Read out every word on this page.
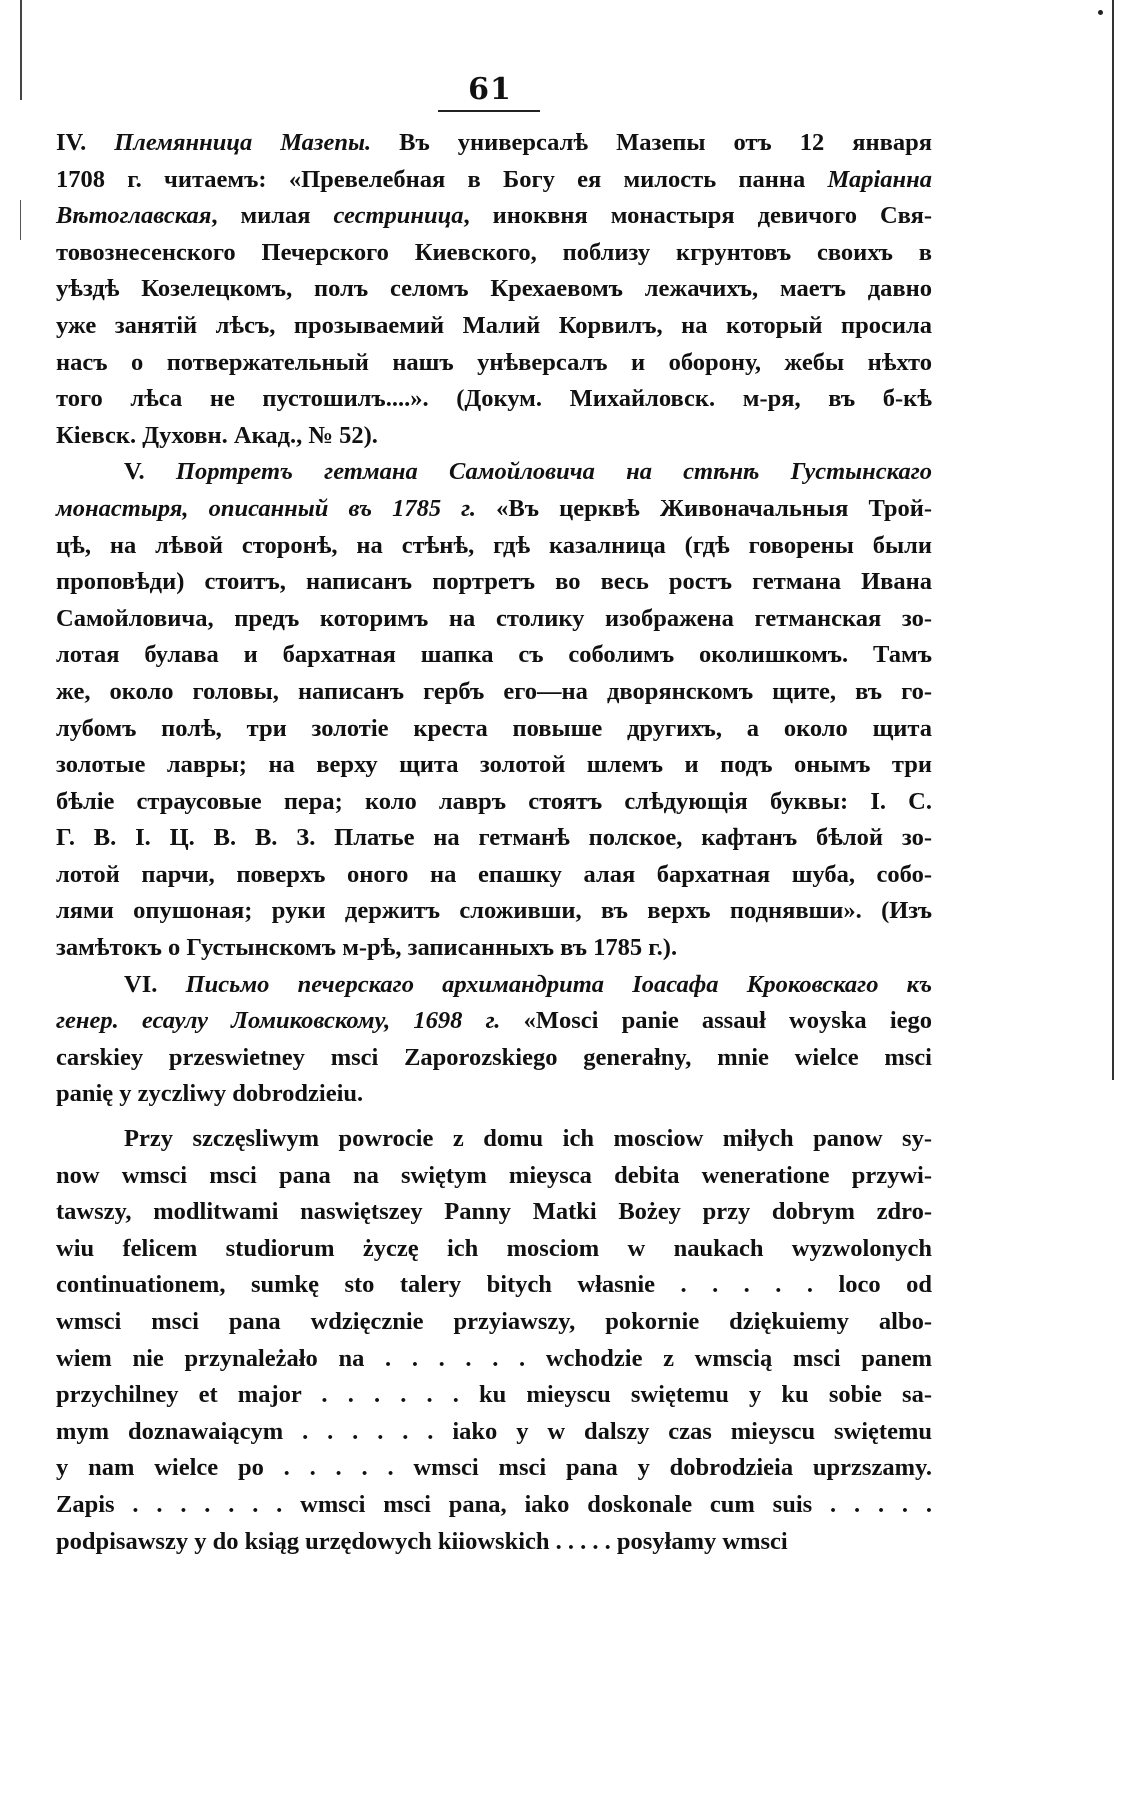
61
IV. Племянница Мазепы. Въ универсалѣ Мазепы отъ 12 января
1708 г. читаемъ: «Превелебная в Богу ея милость панна Маріанна
Вѣтоглавская, милая сестриница, иноквня монастыря девичого Свя-
товознесенского Печерского Киевского, поблизу кгрунтовъ своихъ в
уѣздѣ Козелецкомъ, полъ селомъ Крехаевомъ лежачихъ, маетъ давно
уже занятій лѣсъ, прозываемий Малий Корвилъ, на который просила
насъ о потвержательный нашъ унѣверсалъ и оборону, жебы нѣхто
того лѣса не пустошилъ....». (Докум. Михайловск. м-ря, въ б-кѣ
Кіевск. Духовн. Акад., № 52).
V. Портретъ гетмана Самойловича на стѣнѣ Густынскаго
монастыря, описанный въ 1785 г. «Въ церквѣ Живоначальныя Трой-
цѣ, на лѣвой сторонѣ, на стѣнѣ, гдѣ казалница (гдѣ говорены были
проповѣди) стоитъ, написанъ портретъ во весь ростъ гетмана Ивана
Самойловича, предъ которимъ на столику изображена гетманская зо-
лотая булава и бархатная шапка съ соболимъ околишкомъ. Тамъ
же, около головы, написанъ гербъ его—на дворянскомъ щите, въ го-
лубомъ полѣ, три золотіе креста повыше другихъ, а около щита
золотые лавры; на верху щита золотой шлемъ и подъ онымъ три
бѣліе страусовые пера; коло лавръ стоятъ слѣдующія буквы: І. С.
Г. В. І. Ц. В. В. З. Платье на гетманѣ полское, кафтанъ бѣлой зо-
лотой парчи, поверхъ оного на епашку алая бархатная шуба, собо-
лями опушоная; руки держитъ сложивши, въ верхъ поднявши». (Изъ
замѣтокъ о Густынскомъ м-рѣ, записанныхъ въ 1785 г.).
VI. Письмо печерскаго архимандрита Іоасафа Кроковскаго къ
генер. есаулу Ломиковскому, 1698 г. «Mosci panie assauł woyska iego
carskiey przeswietney msci Zaporozskiego generałny, mnie wielce msci
panię y zyczliwy dobrodzieiu.
Przy szczęsliwym powrocie z domu ich mosciow miłych panow sy-
now wmsci msci pana na swiętym mieysca debita weneratione przywi-
tawszy, modlitwami naswiętszey Panny Matki Bożey przy dobrym zdro-
wiu felicem studiorum życzę ich mosciom w naukach wyzwolonych
continuationem, sumkę sto talery bitych własnie . . . . . loco od
wmsci msci pana wdzięcznie przyiawszy, pokornie dziękuiemy albo-
wiem nie przynależało na . . . . . . wchodzie z wmscią msci panem
przychilney et major . . . . . . ku mieyscu swiętemu y ku sobie sa-
mym doznawaiącym . . . . . . iako y w dalszy czas mieyscu swiętemu
y nam wielce po . . . . . wmsci msci pana y dobrodzieia uprzszamy.
Zapis . . . . . . . wmsci msci pana, iako doskonale cum suis . . . . .
podpisawszy y do ksiąg urzędowych kiiowskich . . . . . posyłamy wmsci
